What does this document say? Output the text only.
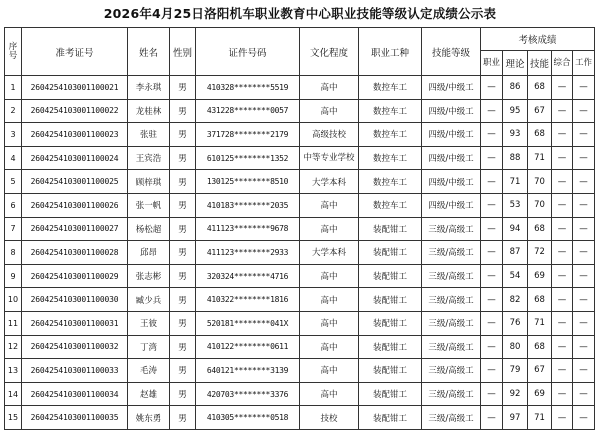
2026年4月25日洛阳机车职业教育中心职业技能等级认定成绩公示表
序号	准考证号	姓名	性别	证件号码	文化程度	职业工种	技能等级	考核成绩				
								职业	理论	技能	综合	工作
1	260425410300110002​1	李永琪	男	410328********5519	高中	数控车工	四级/中级工	—	86	68	—	—
2	2604254103001100022	龙桂林	男	431228********0057	高中	数控车工	四级/中级工	—	95	67	—	—
3	2604254103001100023	张驻	男	371728********2179	高级技校	数控车工	四级/中级工	—	93	68	—	—
4	2604254103001100024	王宾浩	男	610125********1352	中等专业学校	数控车工	四级/中级工	—	88	71	—	—
5	2604254103001100025	顾梓琪	男	130125********8510	大学本科	数控车工	四级/中级工	—	71	70	—	—
6	2604254103001100026	张一帆	男	410183********2035	高中	数控车工	四级/中级工	—	53	70	—	—
7	2604254103001100027	杨松超	男	411123********9678	高中	装配钳工	三级/高级工	—	94	68	—	—
8	2604254103001100028	邱昂	男	411123********2933	大学本科	装配钳工	三级/高级工	—	87	72	—	—
9	2604254103001100029	张志彬	男	320324********4716	高中	装配钳工	三级/高级工	—	54	69	—	—
10	2604254103001100030	臧少兵	男	410322********1816	高中	装配钳工	三级/高级工	—	82	68	—	—
11	2604254103001100031	王彼	男	520181********041X	高中	装配钳工	三级/高级工	—	76	71	—	—
12	2604254103001100032	丁湾	男	410122********0611	高中	装配钳工	三级/高级工	—	80	68	—	—
13	2604254103001100033	毛涛	男	640121********3139	高中	装配钳工	三级/高级工	—	79	67	—	—
14	2604254103001100034	赵雄	男	420703********3376	高中	装配钳工	三级/高级工	—	92	69	—	—
15	2604254103001100035	姚东勇	男	410305********0518	技校	装配钳工	三级/高级工	—	97	71	—	—
